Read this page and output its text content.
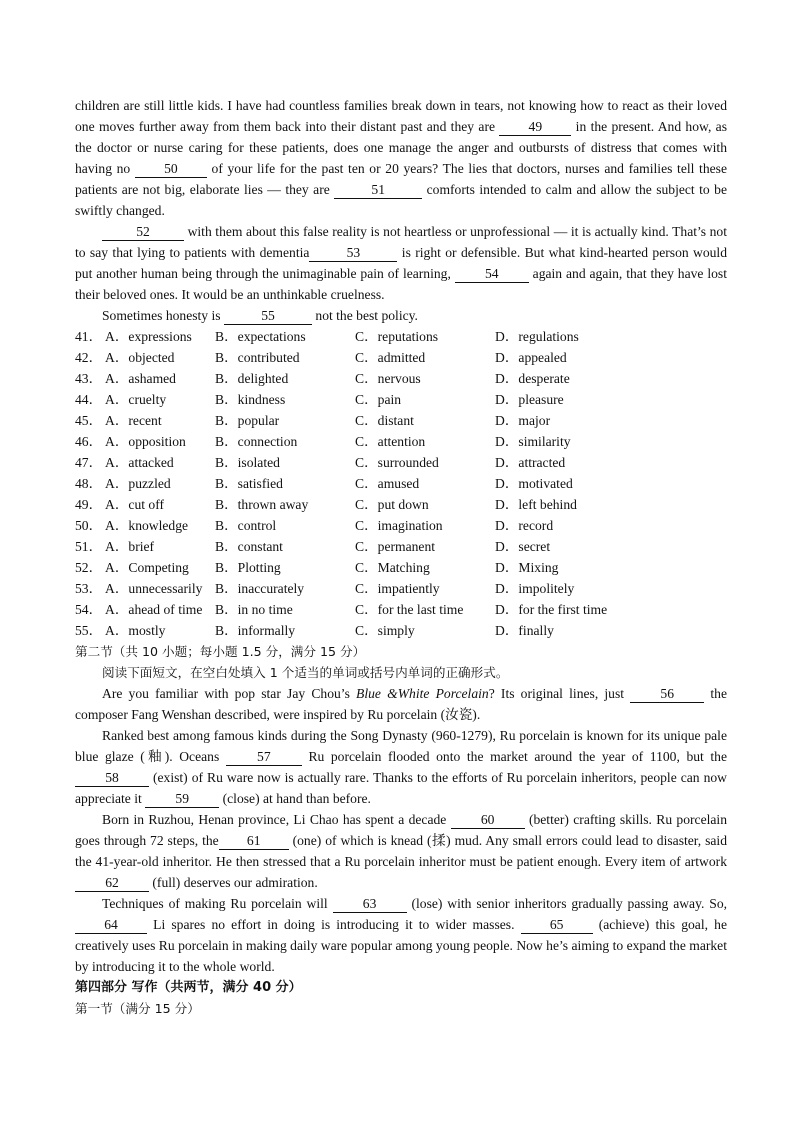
children are still little kids. I have had countless families break down in tears, not knowing how to react as their loved one moves further away from them back into their distant past and they are 49 in the present. And how, as the doctor or nurse caring for these patients, does one manage the anger and outbursts of distress that comes with having no 50 of your life for the past ten or 20 years? The lies that doctors, nurses and families tell these patients are not big, elaborate lies — they are	51	comforts intended to calm and allow the subject to be swiftly changed.

52	with them about this false reality is not heartless or unprofessional — it is actually kind. That’s not to say that lying to patients with dementia	53	is right or defensible. But what kind-hearted person would put another human being through the unimaginable pain of learning,	54	again and again, that they have lost their beloved ones. It would be an unthinkable cruelness.

Sometimes honesty is	55	not the best policy.

41． A．expressions	B．expectations	C．reputations	D．regulations
42． A．objected	B．contributed	C．admitted	D．appealed
43． A．ashamed	B．delighted	C．nervous	D．desperate
44． A．cruelty	B．kindness	C．pain	D．pleasure
45． A．recent	B．popular	C．distant	D．major
46． A．opposition	B．connection	C．attention	D．similarity
47． A．attacked	B．isolated	C．surrounded	D．attracted
48． A．puzzled	B．satisfied	C．amused	D．motivated
49． A．cut off	B．thrown away	C．put down	D．left behind
50． A．knowledge	B．control	C．imagination	D．record
51． A．brief	B．constant	C．permanent	D．secret
52． A．Competing	B．Plotting	C．Matching	D．Mixing
53． A．unnecessarily B．inaccurately	C．impatiently	D．impolitely
54． A．ahead of time B．in no time	C．for the last time	D．for the first time
55． A．mostly	B．informally	C．simply	D．finally

第二节（共 10 小题；每小题 1.5 分，满分 15 分）

阅读下面短文，在空白处填入 1 个适当的单词或括号内单词的正确形式。

Are you familiar with pop star Jay Chou’s Blue &White Porcelain? Its original lines, just	56	the composer Fang Wenshan described, were inspired by Ru porcelain (汝瓷).

Ranked best among famous kinds during the Song Dynasty (960-1279), Ru porcelain is known for its unique pale blue glaze (釉). Oceans	57	Ru porcelain flooded onto the market around the year of 1100, but the 58	(exist) of Ru ware now is actually rare. Thanks to the efforts of Ru porcelain inheritors, people can now appreciate it 59 (close) at hand than before.

Born in Ruzhou, Henan province, Li Chao has spent a decade	60	(better) crafting skills. Ru porcelain goes through 72 steps, the 61 (one) of which is knead (揉) mud. Any small errors could lead to disaster, said the 41-year-old inheritor. He then stressed that a Ru porcelain inheritor must be patient enough. Every item of artwork 62 (full) deserves our admiration.

Techniques of making Ru porcelain will	63	(lose) with senior inheritors gradually passing away. So, 64	Li spares no effort in doing is introducing it to wider masses.	65	(achieve) this goal, he creatively uses Ru porcelain in making daily ware popular among young people. Now he’s aiming to expand the market by introducing it to the whole world.

第四部分 写作（共两节，满分 40 分）

第一节（满分 15 分）
